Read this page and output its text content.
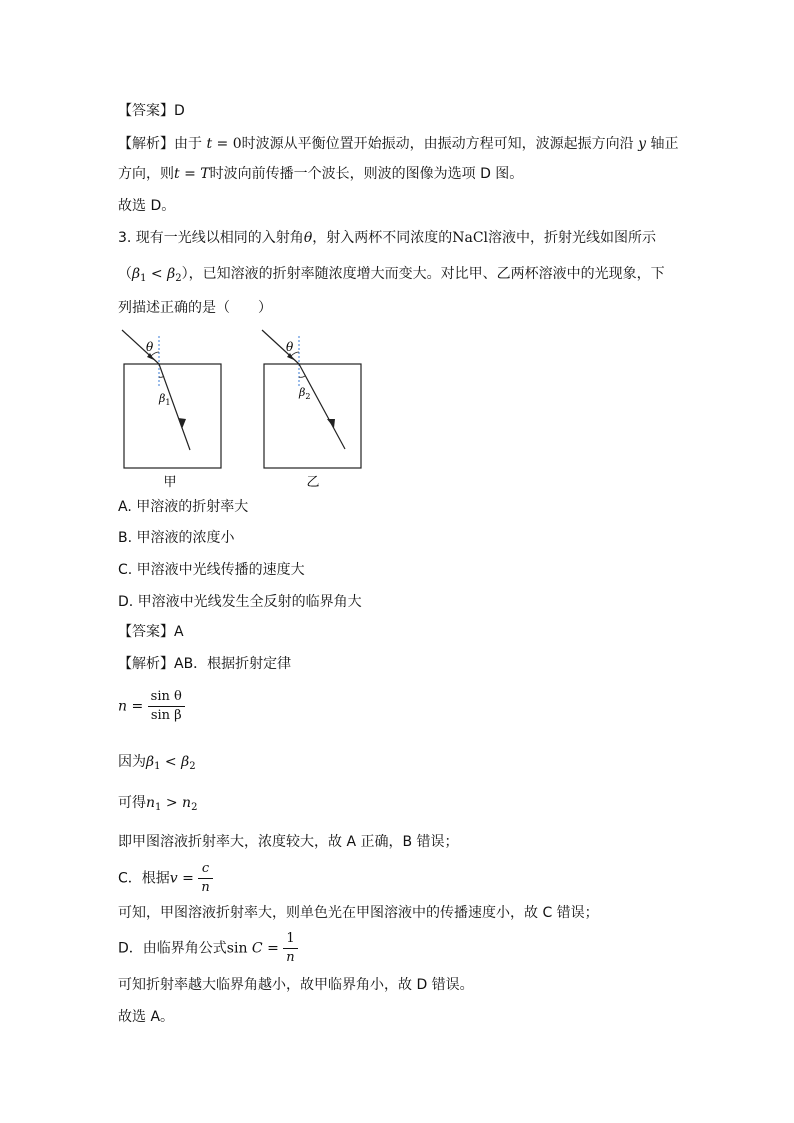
【答案】D
【解析】由于 t = 0时波源从平衡位置开始振动，由振动方程可知，波源起振方向沿 y 轴正
方向，则t = T时波向前传播一个波长，则波的图像为选项 D 图。
故选 D。
3. 现有一光线以相同的入射角θ，射入两杯不同浓度的NaCl溶液中，折射光线如图所示
$(\beta_1 < \beta_2)$，已知溶液的折射率随浓度增大而变大。对比甲、乙两杯溶液中的光现象，下
列描述正确的是（　　）
θ
$\beta_1$
θ
$\beta_2$
甲	乙
A. 甲溶液的折射率大
B. 甲溶液的浓度小
C. 甲溶液中光线传播的速度大
D. 甲溶液中光线发生全反射的临界角大
【答案】A
【解析】AB．根据折射定律
$n = \frac{\text{sin θ}}{\text{sin β}}$
因为$\beta_1 < \beta_2$
可得$n_1 > n_2$
即甲图溶液折射率大，浓度较大，故 A 正确，B 错误；
C．根据$v = \frac{c}{n}$
可知，甲图溶液折射率大，则单色光在甲图溶液中的传播速度小，故 C 错误；
D．由临界角公式$\sin C = \frac{1}{n}$
可知折射率越大临界角越小，故甲临界角小，故 D 错误。
故选 A。
